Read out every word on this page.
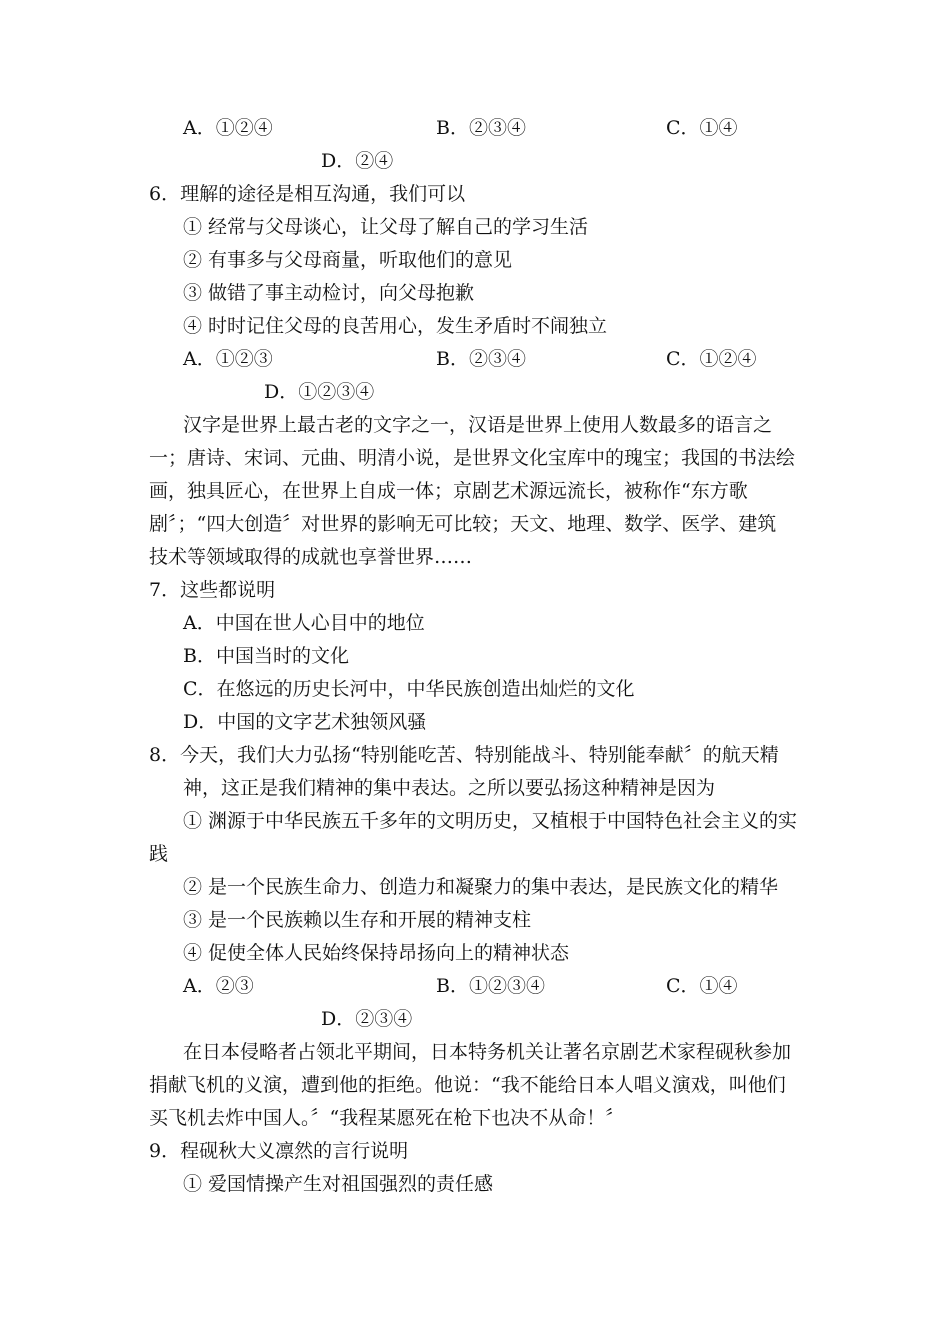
A．①②④	B．②③④	C．①④
D．②④
6．理解的途径是相互沟通，我们可以
① 经常与父母谈心，让父母了解自己的学习生活
② 有事多与父母商量，听取他们的意见
③ 做错了事主动检讨，向父母抱歉
④ 时时记住父母的良苦用心，发生矛盾时不闹独立
A．①②③	B．②③④	C．①②④
D．①②③④
汉字是世界上最古老的文字之一，汉语是世界上使用人数最多的语言之
一；唐诗、宋词、元曲、明清小说，是世界文化宝库中的瑰宝；我国的书法绘
画，独具匠心，在世界上自成一体；京剧艺术源远流长，被称作“东方歌
剧〞；“四大创造〞对世界的影响无可比较；天文、地理、数学、医学、建筑
技术等领域取得的成就也享誉世界……
7．这些都说明
A．中国在世人心目中的地位
B．中国当时的文化
C．在悠远的历史长河中，中华民族创造出灿烂的文化
D．中国的文字艺术独领风骚
8．今天，我们大力弘扬“特别能吃苦、特别能战斗、特别能奉献〞的航天精
神，这正是我们精神的集中表达。之所以要弘扬这种精神是因为
① 渊源于中华民族五千多年的文明历史，又植根于中国特色社会主义的实
践
② 是一个民族生命力、创造力和凝聚力的集中表达，是民族文化的精华
③ 是一个民族赖以生存和开展的精神支柱
④ 促使全体人民始终保持昂扬向上的精神状态
A．②③	B．①②③④	C．①④
D．②③④
在日本侵略者占领北平期间，日本特务机关让著名京剧艺术家程砚秋参加
捐献飞机的义演，遭到他的拒绝。他说：“我不能给日本人唱义演戏，叫他们
买飞机去炸中国人。〞“我程某愿死在枪下也决不从命！〞
9．程砚秋大义凛然的言行说明
① 爱国情操产生对祖国强烈的责任感
